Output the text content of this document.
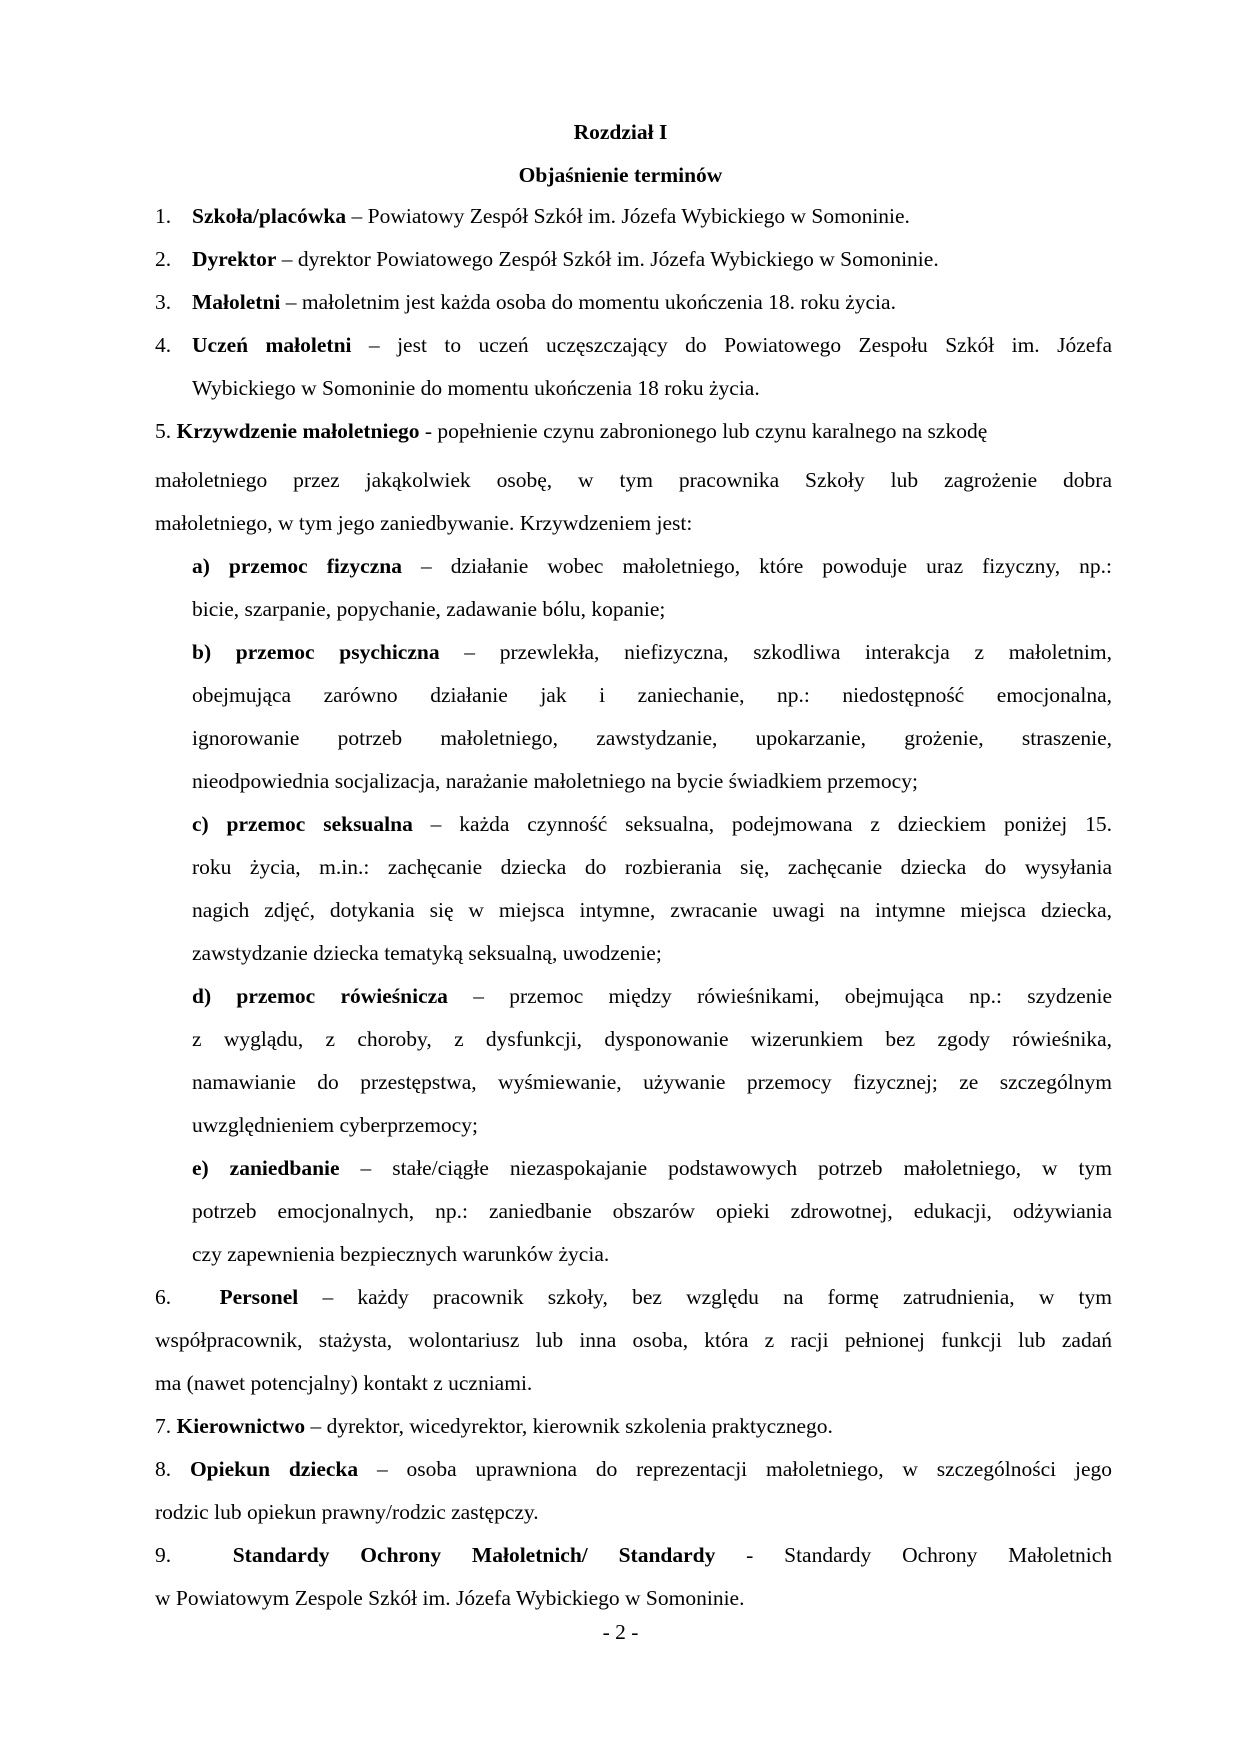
Rozdział I
Objaśnienie terminów
1. Szkoła/placówka – Powiatowy Zespół Szkół im. Józefa Wybickiego w Somoninie.
2. Dyrektor – dyrektor Powiatowego Zespół Szkół im. Józefa Wybickiego w Somoninie.
3. Małoletni – małoletnim jest każda osoba do momentu ukończenia 18. roku życia.
4. Uczeń małoletni – jest to uczeń uczęszczający do Powiatowego Zespołu Szkół im. Józefa
Wybickiego w Somoninie do momentu ukończenia 18 roku życia.
5. Krzywdzenie małoletniego - popełnienie czynu zabronionego lub czynu karalnego na szkodę
małoletniego przez jakąkolwiek osobę, w tym pracownika Szkoły lub zagrożenie dobra
małoletniego, w tym jego zaniedbywanie. Krzywdzeniem jest:
a) przemoc fizyczna – działanie wobec małoletniego, które powoduje uraz fizyczny, np.:
bicie, szarpanie, popychanie, zadawanie bólu, kopanie;
b) przemoc psychiczna – przewlekła, niefizyczna, szkodliwa interakcja z małoletnim,
obejmująca zarówno działanie jak i zaniechanie, np.: niedostępność emocjonalna,
ignorowanie potrzeb małoletniego, zawstydzanie, upokarzanie, grożenie, straszenie,
nieodpowiednia socjalizacja, narażanie małoletniego na bycie świadkiem przemocy;
c) przemoc seksualna – każda czynność seksualna, podejmowana z dzieckiem poniżej 15.
roku życia, m.in.: zachęcanie dziecka do rozbierania się, zachęcanie dziecka do wysyłania
nagich zdjęć, dotykania się w miejsca intymne, zwracanie uwagi na intymne miejsca dziecka,
zawstydzanie dziecka tematyką seksualną, uwodzenie;
d) przemoc rówieśnicza – przemoc między rówieśnikami, obejmująca np.: szydzenie
z wyglądu, z choroby, z dysfunkcji, dysponowanie wizerunkiem bez zgody rówieśnika,
namawianie do przestępstwa, wyśmiewanie, używanie przemocy fizycznej; ze szczególnym
uwzględnieniem cyberprzemocy;
e) zaniedbanie – stałe/ciągłe niezaspokajanie podstawowych potrzeb małoletniego, w tym
potrzeb emocjonalnych, np.: zaniedbanie obszarów opieki zdrowotnej, edukacji, odżywiania
czy zapewnienia bezpiecznych warunków życia.
6. Personel – każdy pracownik szkoły, bez względu na formę zatrudnienia, w tym
współpracownik, stażysta, wolontariusz lub inna osoba, która z racji pełnionej funkcji lub zadań
ma (nawet potencjalny) kontakt z uczniami.
7. Kierownictwo – dyrektor, wicedyrektor, kierownik szkolenia praktycznego.
8. Opiekun dziecka – osoba uprawniona do reprezentacji małoletniego, w szczególności jego
rodzic lub opiekun prawny/rodzic zastępczy.
9.	Standardy Ochrony Małoletnich/ Standardy - Standardy Ochrony Małoletnich
w Powiatowym Zespole Szkół im. Józefa Wybickiego w Somoninie.
- 2 -
